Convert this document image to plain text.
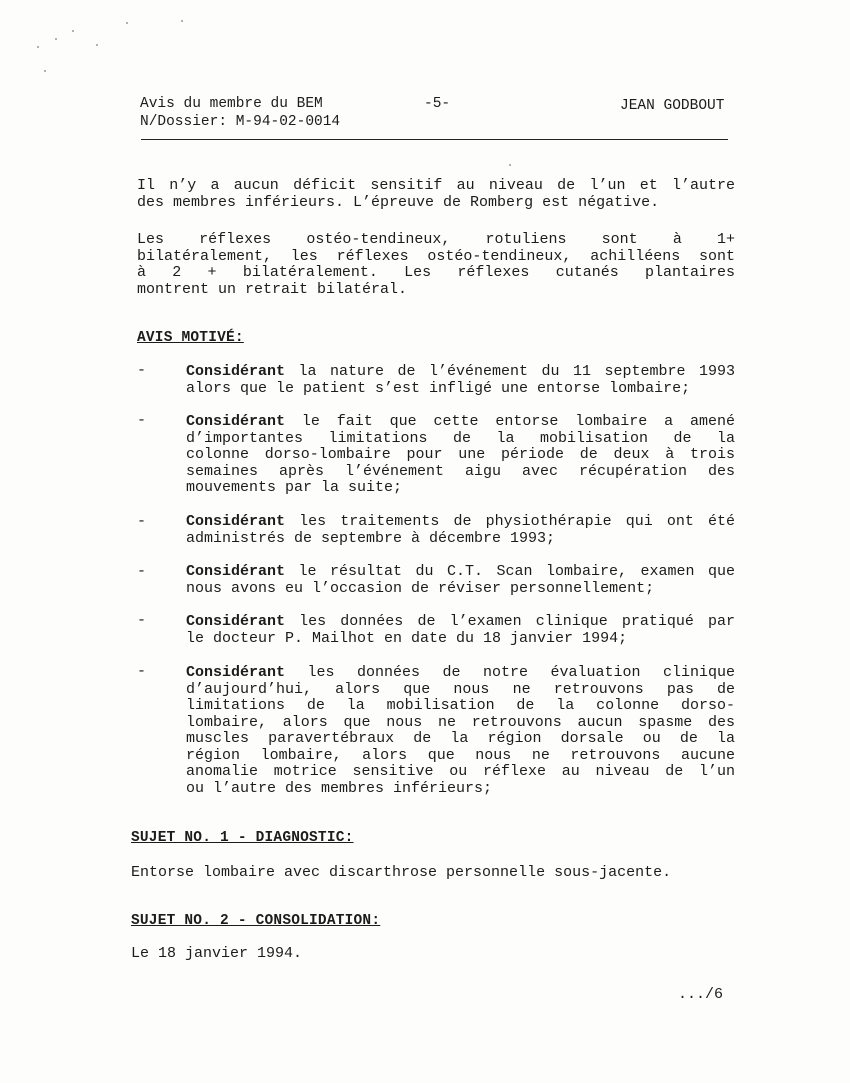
Avis du membre du BEM
N/Dossier: M-94-02-0014
-5-	JEAN GODBOUT
Il n’y a aucun déficit sensitif au niveau de l’un et l’autre
des membres inférieurs. L’épreuve de Romberg est négative.
Les réflexes ostéo-tendineux, rotuliens sont à 1+
bilatéralement, les réflexes ostéo-tendineux, achilléens sont
à 2 + bilatéralement. Les réflexes cutanés plantaires
montrent un retrait bilatéral.
AVIS MOTIVÉ:
-	Considérant la nature de l’événement du 11 septembre 1993
alors que le patient s’est infligé une entorse lombaire;
-	Considérant le fait que cette entorse lombaire a amené
d’importantes limitations de la mobilisation de la
colonne dorso-lombaire pour une période de deux à trois
semaines après l’événement aigu avec récupération des
mouvements par la suite;
-	Considérant les traitements de physiothérapie qui ont été
administrés de septembre à décembre 1993;
-	Considérant le résultat du C.T. Scan lombaire, examen que
nous avons eu l’occasion de réviser personnellement;
-	Considérant les données de l’examen clinique pratiqué par
le docteur P. Mailhot en date du 18 janvier 1994;
-	Considérant les données de notre évaluation clinique
d’aujourd’hui, alors que nous ne retrouvons pas de
limitations de la mobilisation de la colonne dorso-
lombaire, alors que nous ne retrouvons aucun spasme des
muscles paravertébraux de la région dorsale ou de la
région lombaire, alors que nous ne retrouvons aucune
anomalie motrice sensitive ou réflexe au niveau de l’un
ou l’autre des membres inférieurs;
SUJET NO. 1 - DIAGNOSTIC:
Entorse lombaire avec discarthrose personnelle sous-jacente.
SUJET NO. 2 - CONSOLIDATION:
Le 18 janvier 1994.
.../6
